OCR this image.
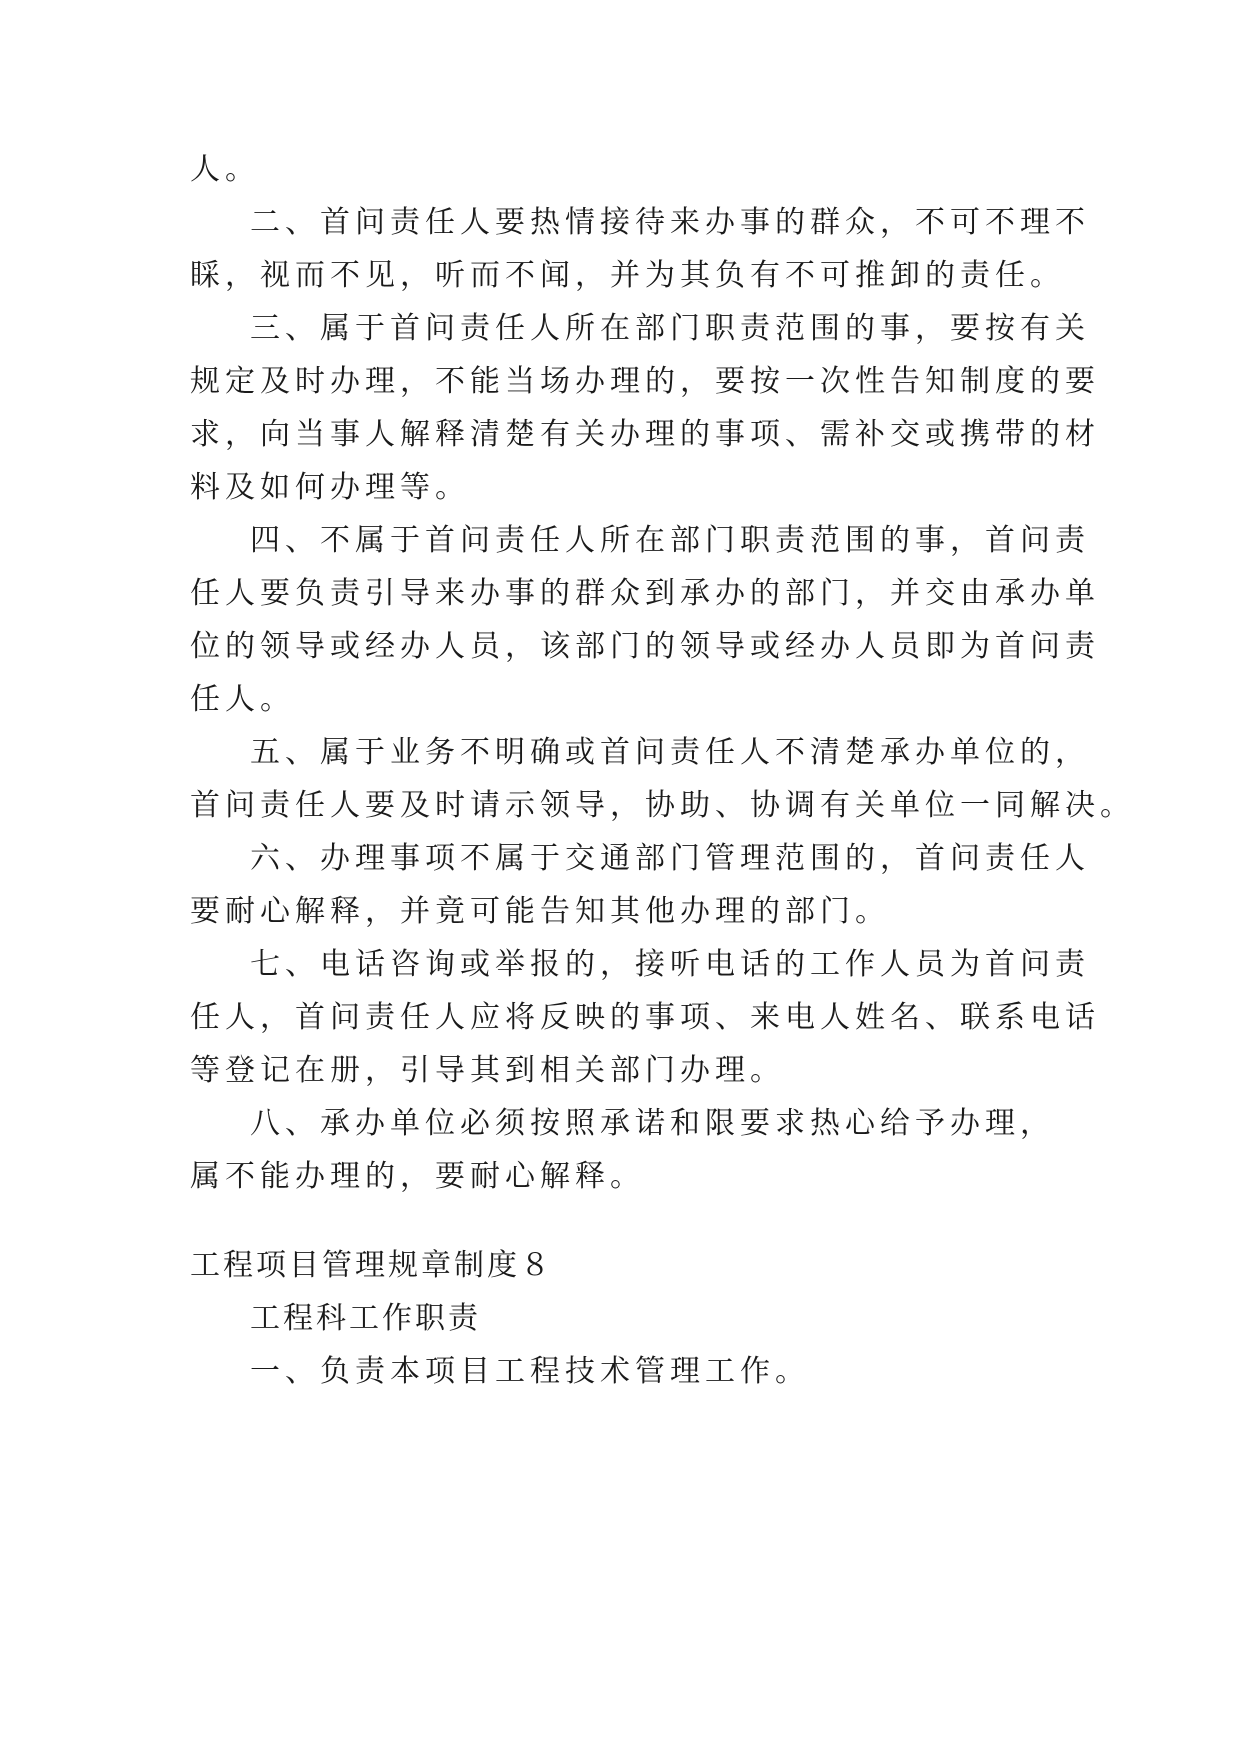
人。
二、首问责任人要热情接待来办事的群众，不可不理不
睬，视而不见，听而不闻，并为其负有不可推卸的责任。
三、属于首问责任人所在部门职责范围的事，要按有关
规定及时办理，不能当场办理的，要按一次性告知制度的要
求，向当事人解释清楚有关办理的事项、需补交或携带的材
料及如何办理等。
四、不属于首问责任人所在部门职责范围的事，首问责
任人要负责引导来办事的群众到承办的部门，并交由承办单
位的领导或经办人员，该部门的领导或经办人员即为首问责
任人。
五、属于业务不明确或首问责任人不清楚承办单位的，
首问责任人要及时请示领导，协助、协调有关单位一同解决。
六、办理事项不属于交通部门管理范围的，首问责任人
要耐心解释，并竟可能告知其他办理的部门。
七、电话咨询或举报的，接听电话的工作人员为首问责
任人，首问责任人应将反映的事项、来电人姓名、联系电话
等登记在册，引导其到相关部门办理。
八、承办单位必须按照承诺和限要求热心给予办理，
属不能办理的，要耐心解释。
工程项目管理规章制度８
工程科工作职责
一、负责本项目工程技术管理工作。
